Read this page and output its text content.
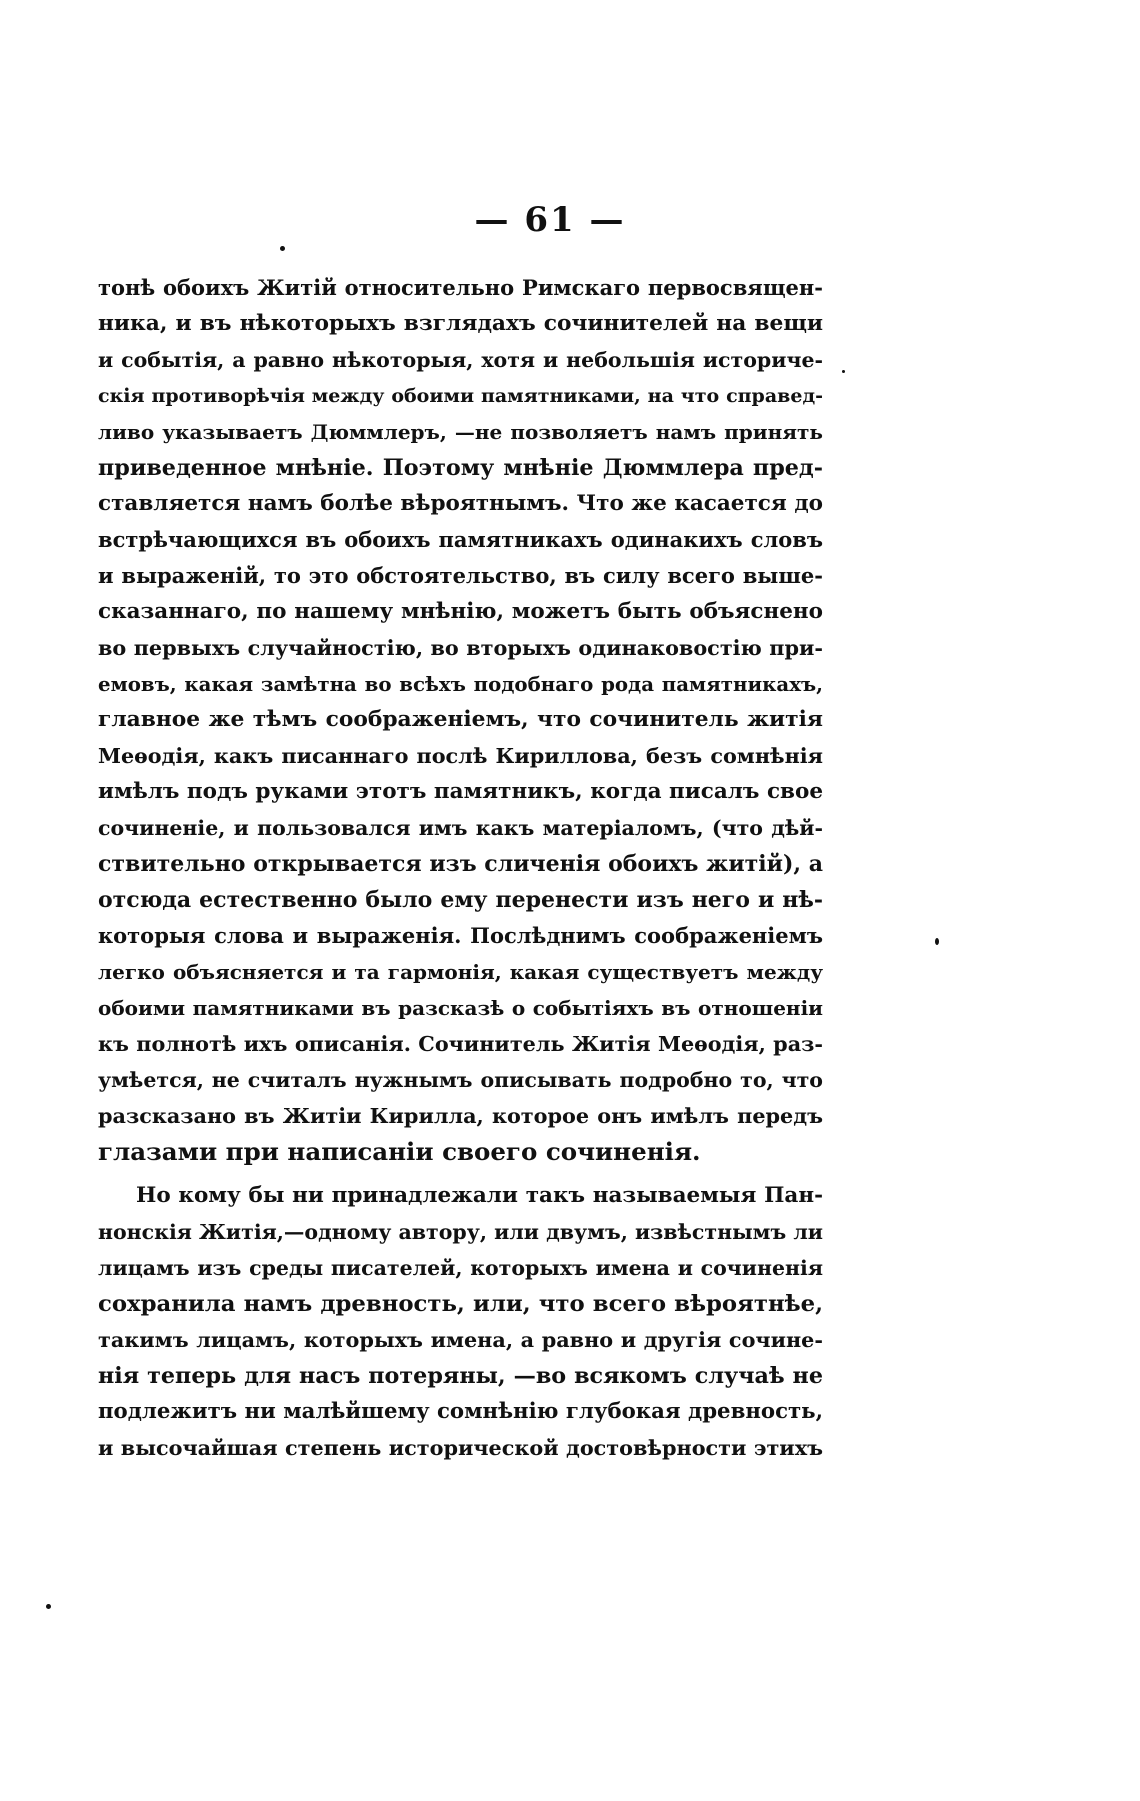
— 61 —
тонѣ обоихъ Житій относительно Римскаго первосвящен-
ника, и въ нѣкоторыхъ взглядахъ сочинителей на вещи
и событія, а равно нѣкоторыя, хотя и небольшія историче-
скія противорѣчія между обоими памятниками, на что справед-
ливо указываетъ Дюммлеръ, —не позволяетъ намъ принять
приведенное мнѣніе. Поэтому мнѣніе Дюммлера пред-
ставляется намъ болѣе вѣроятнымъ. Что же касается до
встрѣчающихся въ обоихъ памятникахъ одинакихъ словъ
и выраженій, то это обстоятельство, въ силу всего выше-
сказаннаго, по нашему мнѣнію, можетъ быть объяснено
во первыхъ случайностію, во вторыхъ одинаковостію при-
емовъ, какая замѣтна во всѣхъ подобнаго рода памятникахъ,
главное же тѣмъ соображеніемъ, что сочинитель житія
Меѳодія, какъ писаннаго послѣ Кириллова, безъ сомнѣнія
имѣлъ подъ руками этотъ памятникъ, когда писалъ свое
сочиненіе, и пользовался имъ какъ матеріаломъ, (что дѣй-
ствительно открывается изъ сличенія обоихъ житій), а
отсюда естественно было ему перенести изъ него и нѣ-
которыя слова и выраженія. Послѣднимъ соображеніемъ
легко объясняется и та гармонія, какая существуетъ между
обоими памятниками въ разсказѣ о событіяхъ въ отношеніи
къ полнотѣ ихъ описанія. Сочинитель Житія Меѳодія, раз-
умѣется, не считалъ нужнымъ описывать подробно то, что
разсказано въ Житіи Кирилла, которое онъ имѣлъ передъ
глазами при написаніи своего сочиненія.
Но кому бы ни принадлежали такъ называемыя Пан-
нонскія Житія,—одному автору, или двумъ, извѣстнымъ ли
лицамъ изъ среды писателей, которыхъ имена и сочиненія
сохранила намъ древность, или, что всего вѣроятнѣе,
такимъ лицамъ, которыхъ имена, а равно и другія сочине-
нія теперь для насъ потеряны, —во всякомъ случаѣ не
подлежитъ ни малѣйшему сомнѣнію глубокая древность,
и высочайшая степень исторической достовѣрности этихъ
